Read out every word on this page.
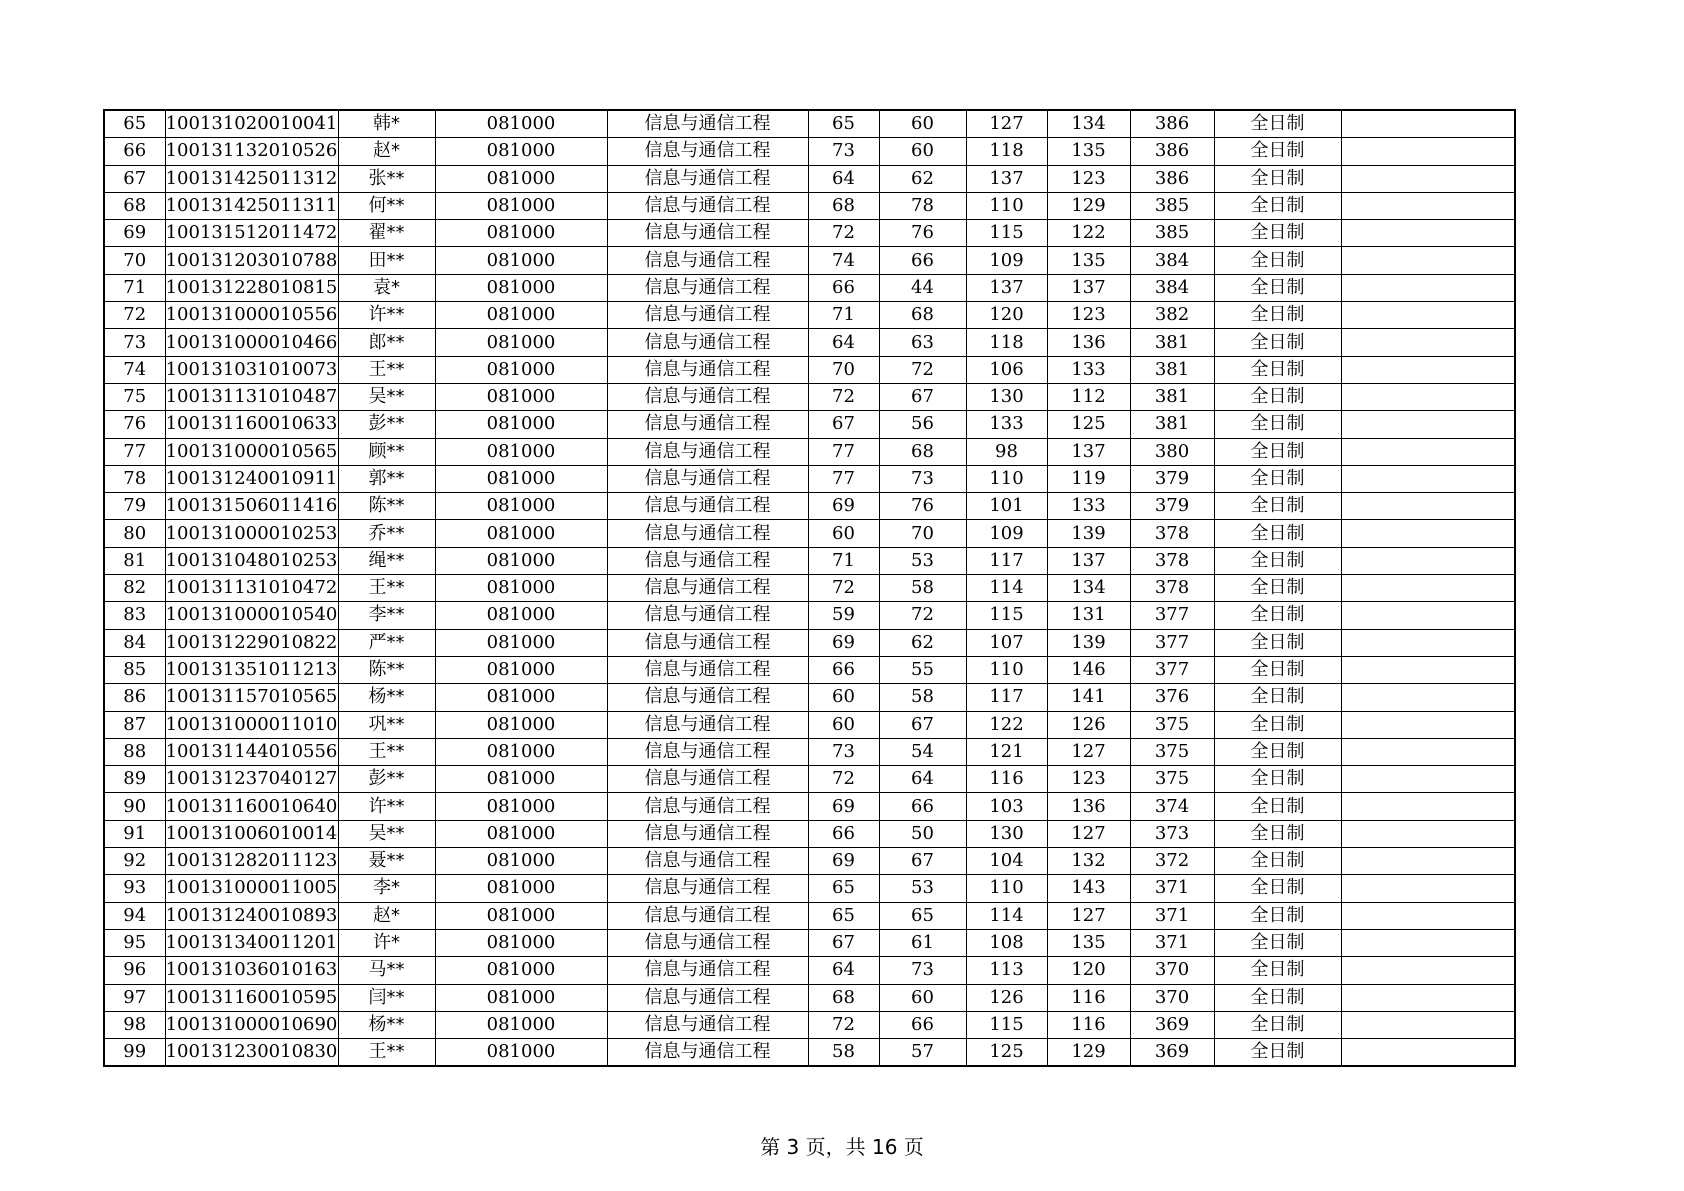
65	100131020010041	韩*	081000	信息与通信工程	65	60	127	134	386	全日制	
66	100131132010526	赵*	081000	信息与通信工程	73	60	118	135	386	全日制	
67	100131425011312	张**	081000	信息与通信工程	64	62	137	123	386	全日制	
68	100131425011311	何**	081000	信息与通信工程	68	78	110	129	385	全日制	
69	100131512011472	翟**	081000	信息与通信工程	72	76	115	122	385	全日制	
70	100131203010788	田**	081000	信息与通信工程	74	66	109	135	384	全日制	
71	100131228010815	袁*	081000	信息与通信工程	66	44	137	137	384	全日制	
72	100131000010556	许**	081000	信息与通信工程	71	68	120	123	382	全日制	
73	100131000010466	郎**	081000	信息与通信工程	64	63	118	136	381	全日制	
74	100131031010073	王**	081000	信息与通信工程	70	72	106	133	381	全日制	
75	100131131010487	吴**	081000	信息与通信工程	72	67	130	112	381	全日制	
76	100131160010633	彭**	081000	信息与通信工程	67	56	133	125	381	全日制	
77	100131000010565	顾**	081000	信息与通信工程	77	68	98	137	380	全日制	
78	100131240010911	郭**	081000	信息与通信工程	77	73	110	119	379	全日制	
79	100131506011416	陈**	081000	信息与通信工程	69	76	101	133	379	全日制	
80	100131000010253	乔**	081000	信息与通信工程	60	70	109	139	378	全日制	
81	100131048010253	绳**	081000	信息与通信工程	71	53	117	137	378	全日制	
82	100131131010472	王**	081000	信息与通信工程	72	58	114	134	378	全日制	
83	100131000010540	李**	081000	信息与通信工程	59	72	115	131	377	全日制	
84	100131229010822	严**	081000	信息与通信工程	69	62	107	139	377	全日制	
85	100131351011213	陈**	081000	信息与通信工程	66	55	110	146	377	全日制	
86	100131157010565	杨**	081000	信息与通信工程	60	58	117	141	376	全日制	
87	100131000011010	巩**	081000	信息与通信工程	60	67	122	126	375	全日制	
88	100131144010556	王**	081000	信息与通信工程	73	54	121	127	375	全日制	
89	100131237040127	彭**	081000	信息与通信工程	72	64	116	123	375	全日制	
90	100131160010640	许**	081000	信息与通信工程	69	66	103	136	374	全日制	
91	100131006010014	吴**	081000	信息与通信工程	66	50	130	127	373	全日制	
92	100131282011123	聂**	081000	信息与通信工程	69	67	104	132	372	全日制	
93	100131000011005	李*	081000	信息与通信工程	65	53	110	143	371	全日制	
94	100131240010893	赵*	081000	信息与通信工程	65	65	114	127	371	全日制	
95	100131340011201	许*	081000	信息与通信工程	67	61	108	135	371	全日制	
96	100131036010163	马**	081000	信息与通信工程	64	73	113	120	370	全日制	
97	100131160010595	闫**	081000	信息与通信工程	68	60	126	116	370	全日制	
98	100131000010690	杨**	081000	信息与通信工程	72	66	115	116	369	全日制	
99	100131230010830	王**	081000	信息与通信工程	58	57	125	129	369	全日制	
第 3 页，共 16 页
